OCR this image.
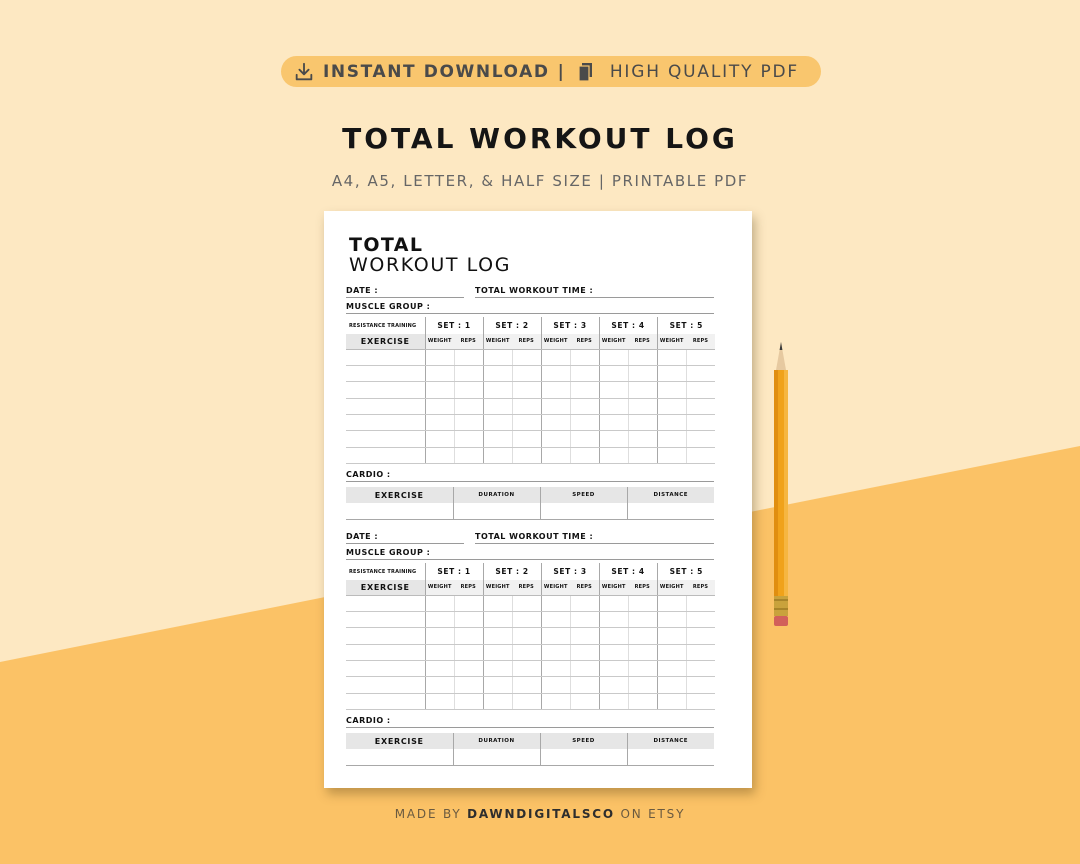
INSTANT DOWNLOAD |	HIGH QUALITY PDF
TOTAL WORKOUT LOG
A4, A5, LETTER, & HALF SIZE | PRINTABLE PDF
TOTAL
WORKOUT LOG
DATE :	TOTAL WORKOUT TIME :
MUSCLE GROUP :
RESISTANCE TRAINING	SET : 1		SET : 2		SET : 3		SET : 4		SET : 5	
EXERCISE	WEIGHT	REPS	WEIGHT	REPS	WEIGHT	REPS	WEIGHT	REPS	WEIGHT	REPS

CARDIO :
EXERCISE	DURATION	SPEED	DISTANCE

DATE :	TOTAL WORKOUT TIME :
MUSCLE GROUP :
RESISTANCE TRAINING	SET : 1		SET : 2		SET : 3		SET : 4		SET : 5	
EXERCISE	WEIGHT	REPS	WEIGHT	REPS	WEIGHT	REPS	WEIGHT	REPS	WEIGHT	REPS

CARDIO :
EXERCISE	DURATION	SPEED	DISTANCE

MADE BY DAWNDIGITALSCO ON ETSY
